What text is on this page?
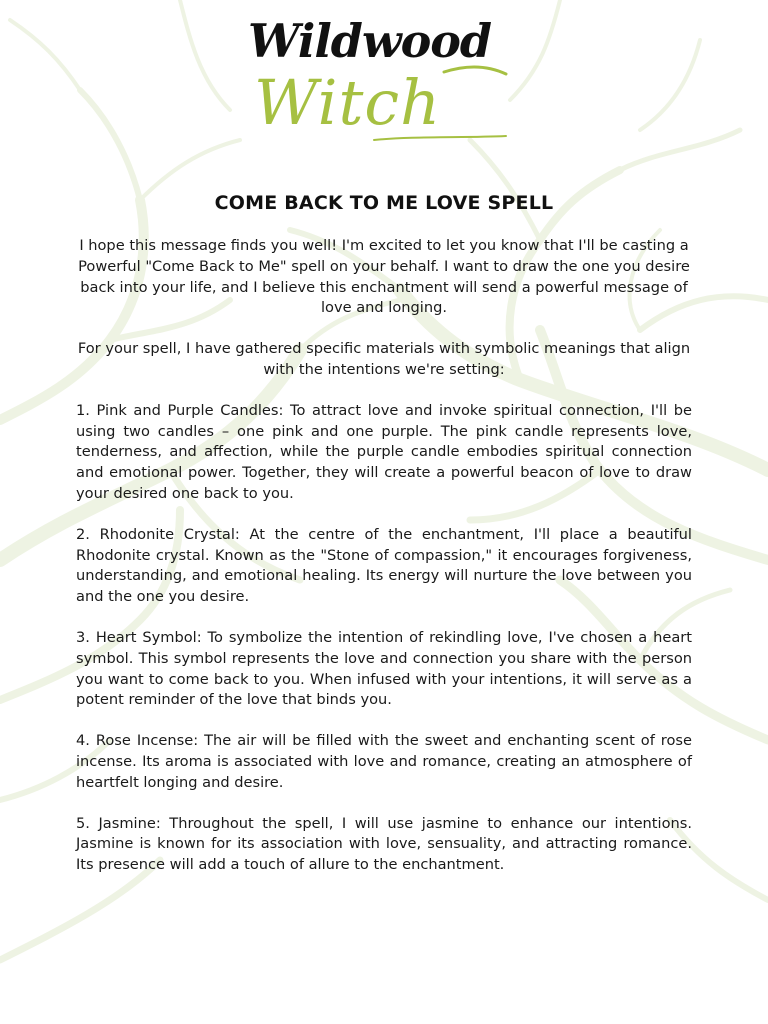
Wildwood
Witch
COME BACK TO ME LOVE SPELL

I hope this message finds you well! I'm excited to let you know that I'll be casting a Powerful "Come Back to Me" spell on your behalf. I want to draw the one you desire back into your life, and I believe this enchantment will send a powerful message of love and longing.

For your spell, I have gathered specific materials with symbolic meanings that align with the intentions we're setting:

1. Pink and Purple Candles: To attract love and invoke spiritual connection, I'll be using two candles – one pink and one purple. The pink candle represents love, tenderness, and affection, while the purple candle embodies spiritual connection and emotional power. Together, they will create a powerful beacon of love to draw your desired one back to you.

2. Rhodonite Crystal: At the centre of the enchantment, I'll place a beautiful Rhodonite crystal. Known as the "Stone of compassion," it encourages forgiveness, understanding, and emotional healing. Its energy will nurture the love between you and the one you desire.

3. Heart Symbol: To symbolize the intention of rekindling love, I've chosen a heart symbol. This symbol represents the love and connection you share with the person you want to come back to you. When infused with your intentions, it will serve as a potent reminder of the love that binds you.

4. Rose Incense: The air will be filled with the sweet and enchanting scent of rose incense. Its aroma is associated with love and romance, creating an atmosphere of heartfelt longing and desire.

5. Jasmine: Throughout the spell, I will use jasmine to enhance our intentions. Jasmine is known for its association with love, sensuality, and attracting romance. Its presence will add a touch of allure to the enchantment.
